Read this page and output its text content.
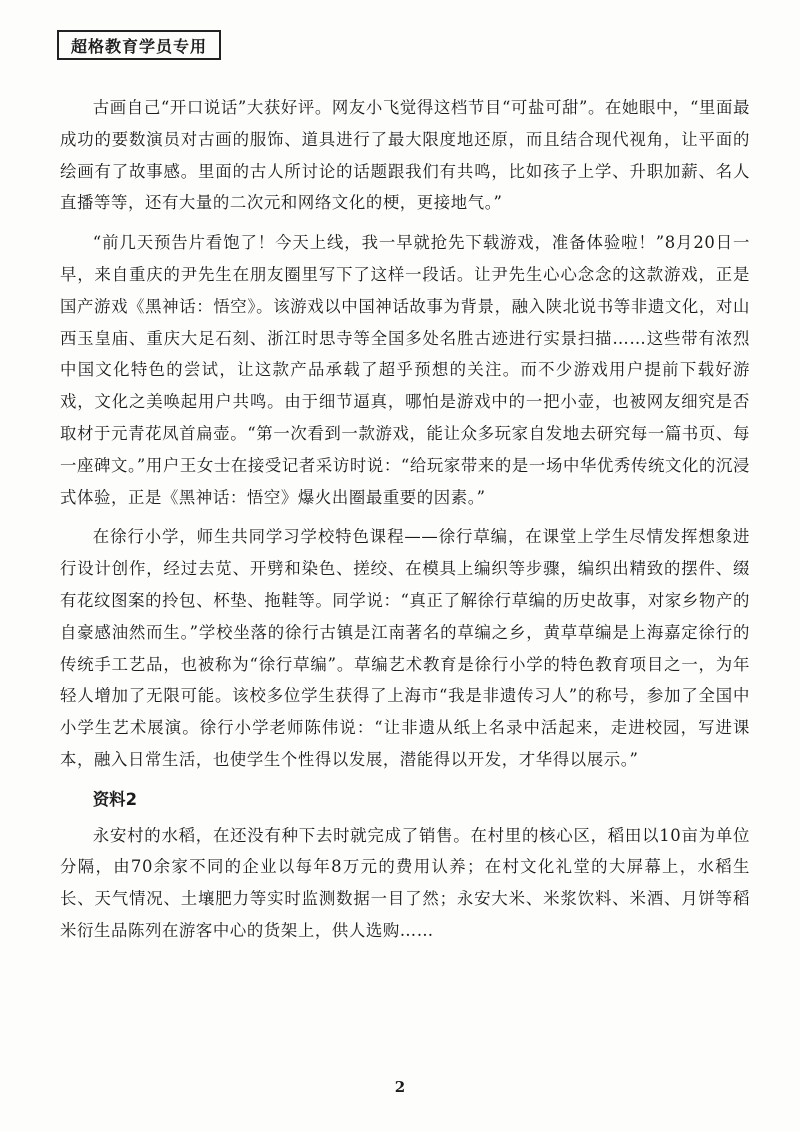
超格教育学员专用

古画自己“开口说话”大获好评。网友小飞觉得这档节目“可盐可甜”。在她眼中，“里面最成功的要数演员对古画的服饰、道具进行了最大限度地还原，而且结合现代视角，让平面的绘画有了故事感。里面的古人所讨论的话题跟我们有共鸣，比如孩子上学、升职加薪、名人直播等等，还有大量的二次元和网络文化的梗，更接地气。”

“前几天预告片看饱了！今天上线，我一早就抢先下载游戏，准备体验啦！”8月20日一早，来自重庆的尹先生在朋友圈里写下了这样一段话。让尹先生心心念念的这款游戏，正是国产游戏《黑神话：悟空》。该游戏以中国神话故事为背景，融入陕北说书等非遗文化，对山西玉皇庙、重庆大足石刻、浙江时思寺等全国多处名胜古迹进行实景扫描……这些带有浓烈中国文化特色的尝试，让这款产品承载了超乎预想的关注。而不少游戏用户提前下载好游戏，文化之美唤起用户共鸣。由于细节逼真，哪怕是游戏中的一把小壶，也被网友细究是否取材于元青花凤首扁壶。“第一次看到一款游戏，能让众多玩家自发地去研究每一篇书页、每一座碑文。”用户王女士在接受记者采访时说：“给玩家带来的是一场中华优秀传统文化的沉浸式体验，正是《黑神话：悟空》爆火出圈最重要的因素。”

在徐行小学，师生共同学习学校特色课程——徐行草编，在课堂上学生尽情发挥想象进行设计创作，经过去苋、开劈和染色、搓绞、在模具上编织等步骤，编织出精致的摆件、缀有花纹图案的拎包、杯垫、拖鞋等。同学说：“真正了解徐行草编的历史故事，对家乡物产的自豪感油然而生。”学校坐落的徐行古镇是江南著名的草编之乡，黄草草编是上海嘉定徐行的传统手工艺品，也被称为“徐行草编”。草编艺术教育是徐行小学的特色教育项目之一，为年轻人增加了无限可能。该校多位学生获得了上海市“我是非遗传习人”的称号，参加了全国中小学生艺术展演。徐行小学老师陈伟说：“让非遗从纸上名录中活起来，走进校园，写进课本，融入日常生活，也使学生个性得以发展，潜能得以开发，才华得以展示。”

资料2

永安村的水稻，在还没有种下去时就完成了销售。在村里的核心区，稻田以10亩为单位分隔，由70余家不同的企业以每年8万元的费用认养；在村文化礼堂的大屏幕上，水稻生长、天气情况、土壤肥力等实时监测数据一目了然；永安大米、米浆饮料、米酒、月饼等稻米衍生品陈列在游客中心的货架上，供人选购……

2
